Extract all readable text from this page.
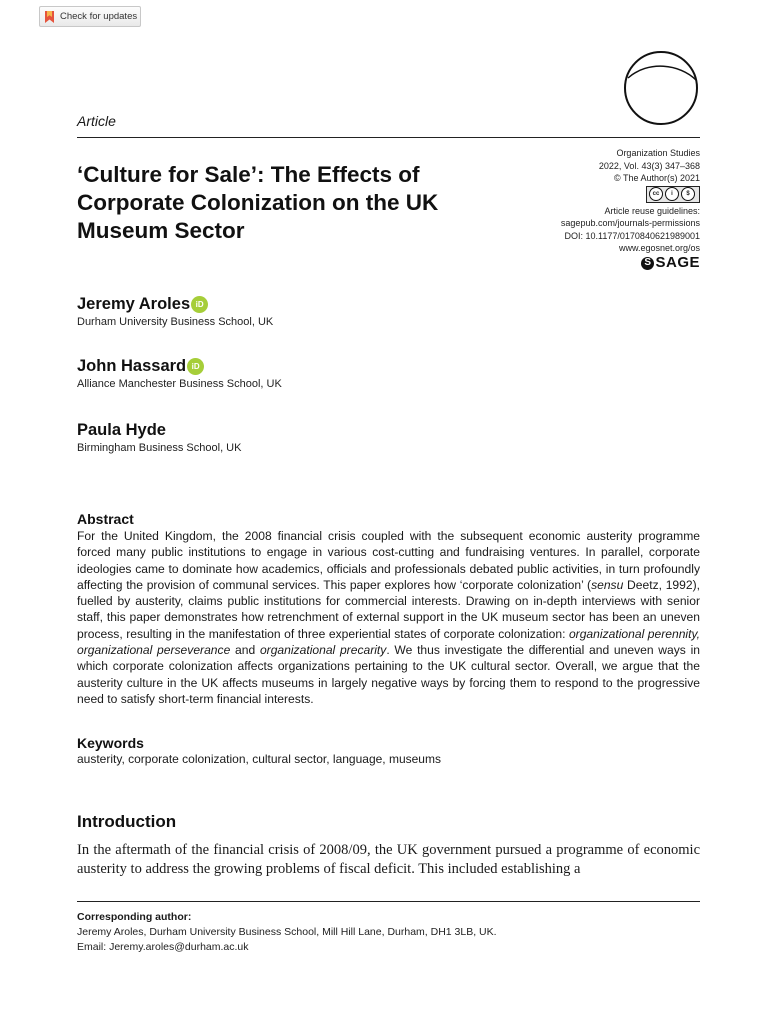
Check for updates
Article
‘Culture for Sale’: The Effects of Corporate Colonization on the UK Museum Sector
Organization Studies
2022, Vol. 43(3) 347–368
© The Author(s) 2021
cc	i	$
Article reuse guidelines:
sagepub.com/journals-permissions
DOI: 10.1177/0170840621989001
www.egosnet.org/os
S SAGE
Jeremy Aroles iD
Durham University Business School, UK
John Hassard iD
Alliance Manchester Business School, UK
Paula Hyde
Birmingham Business School, UK
Abstract
For the United Kingdom, the 2008 financial crisis coupled with the subsequent economic austerity programme forced many public institutions to engage in various cost-cutting and fundraising ventures. In parallel, corporate ideologies came to dominate how academics, officials and professionals debated public activities, in turn profoundly affecting the provision of communal services. This paper explores how ‘corporate colonization’ (sensu Deetz, 1992), fuelled by austerity, claims public institutions for commercial interests. Drawing on in-depth interviews with senior staff, this paper demonstrates how retrenchment of external support in the UK museum sector has been an uneven process, resulting in the manifestation of three experiential states of corporate colonization: organizational perennity, organizational perseverance and organizational precarity. We thus investigate the differential and uneven ways in which corporate colonization affects organizations pertaining to the UK cultural sector. Overall, we argue that the austerity culture in the UK affects museums in largely negative ways by forcing them to respond to the progressive need to satisfy short-term financial interests.
Keywords
austerity, corporate colonization, cultural sector, language, museums
Introduction
In the aftermath of the financial crisis of 2008/09, the UK government pursued a programme of economic austerity to address the growing problems of fiscal deficit. This included establishing a
Corresponding author:
Jeremy Aroles, Durham University Business School, Mill Hill Lane, Durham, DH1 3LB, UK.
Email: Jeremy.aroles@durham.ac.uk
